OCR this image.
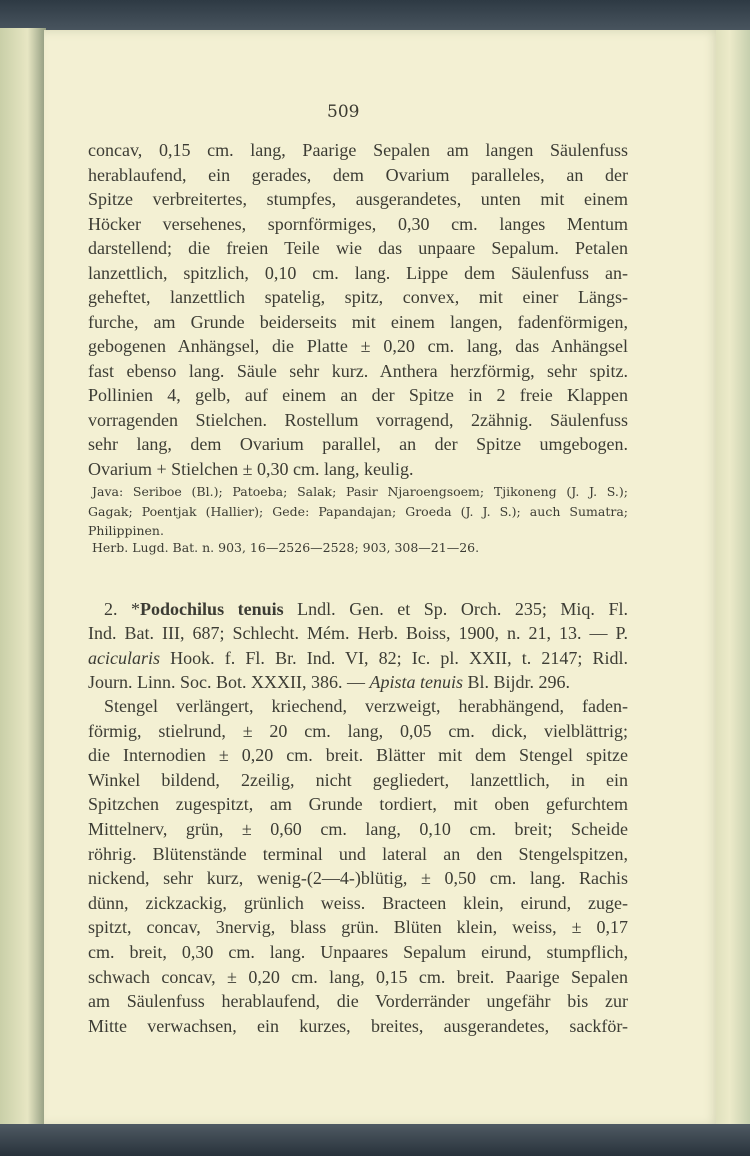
509
concav, 0,15 cm. lang, Paarige Sepalen am langen Säulenfuss
herablaufend, ein gerades, dem Ovarium paralleles, an der
Spitze verbreitertes, stumpfes, ausgerandetes, unten mit einem
Höcker versehenes, spornförmiges, 0,30 cm. langes Mentum
darstellend; die freien Teile wie das unpaare Sepalum. Petalen
lanzettlich, spitzlich, 0,10 cm. lang. Lippe dem Säulenfuss an-
geheftet, lanzettlich spatelig, spitz, convex, mit einer Längs-
furche, am Grunde beiderseits mit einem langen, fadenförmigen,
gebogenen Anhängsel, die Platte ± 0,20 cm. lang, das Anhängsel
fast ebenso lang. Säule sehr kurz. Anthera herzförmig, sehr spitz.
Pollinien 4, gelb, auf einem an der Spitze in 2 freie Klappen
vorragenden Stielchen. Rostellum vorragend, 2zähnig. Säulenfuss
sehr lang, dem Ovarium parallel, an der Spitze umgebogen.
Ovarium + Stielchen ± 0,30 cm. lang, keulig.
Java: Seriboe (Bl.); Patoeba; Salak; Pasir Njaroengsoem; Tjikoneng (J. J. S.);
Gagak; Poentjak (Hallier); Gede: Papandajan; Groeda (J. J. S.); auch Sumatra;
Philippinen.
Herb. Lugd. Bat. n. 903, 16—2526—2528; 903, 308—21—26.
2. *Podochilus tenuis Lndl. Gen. et Sp. Orch. 235; Miq. Fl.
Ind. Bat. III, 687; Schlecht. Mém. Herb. Boiss, 1900, n. 21, 13. — P.
acicularis Hook. f. Fl. Br. Ind. VI, 82; Ic. pl. XXII, t. 2147; Ridl.
Journ. Linn. Soc. Bot. XXXII, 386. — Apista tenuis Bl. Bijdr. 296.
Stengel verlängert, kriechend, verzweigt, herabhängend, faden-
förmig, stielrund, ± 20 cm. lang, 0,05 cm. dick, vielblättrig;
die Internodien ± 0,20 cm. breit. Blätter mit dem Stengel spitze
Winkel bildend, 2zeilig, nicht gegliedert, lanzettlich, in ein
Spitzchen zugespitzt, am Grunde tordiert, mit oben gefurchtem
Mittelnerv, grün, ± 0,60 cm. lang, 0,10 cm. breit; Scheide
röhrig. Blütenstände terminal und lateral an den Stengelspitzen,
nickend, sehr kurz, wenig-(2—4-)blütig, ± 0,50 cm. lang. Rachis
dünn, zickzackig, grünlich weiss. Bracteen klein, eirund, zuge-
spitzt, concav, 3nervig, blass grün. Blüten klein, weiss, ± 0,17
cm. breit, 0,30 cm. lang. Unpaares Sepalum eirund, stumpflich,
schwach concav, ± 0,20 cm. lang, 0,15 cm. breit. Paarige Sepalen
am Säulenfuss herablaufend, die Vorderränder ungefähr bis zur
Mitte verwachsen, ein kurzes, breites, ausgerandetes, sackför-
